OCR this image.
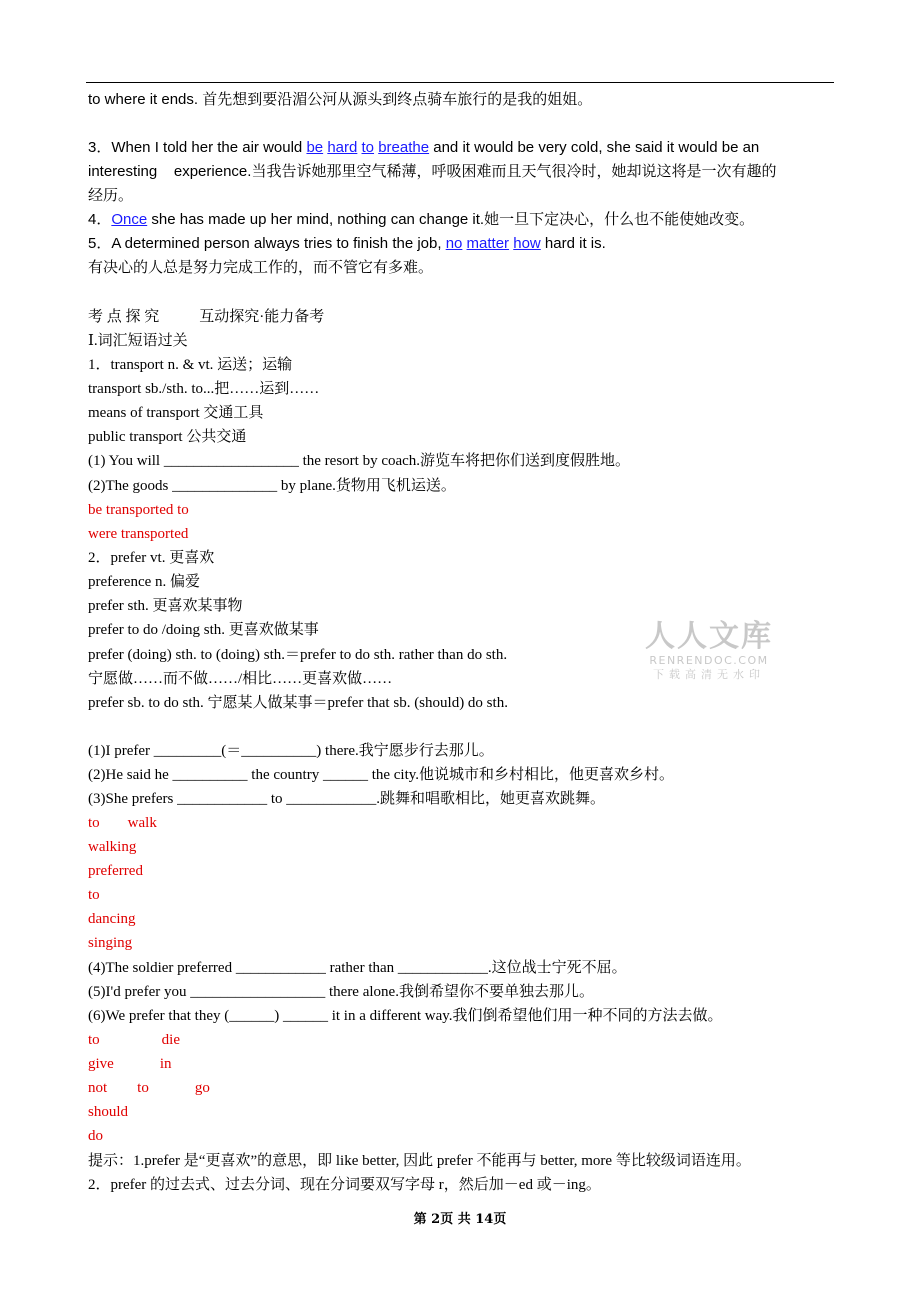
to where it ends. 首先想到要沿湄公河从源头到终点骑车旅行的是我的姐姐。
3．When I told her the air would be hard to breathe and it would be very cold, she said it would be an
interesting    experience.当我告诉她那里空气稀薄，呼吸困难而且天气很冷时，她却说这将是一次有趣的
经历。
4．Once she has made up her mind, nothing can change it.她一旦下定决心，什么也不能使她改变。
5．A determined person always tries to finish the job, no matter how hard it is.
有决心的人总是努力完成工作的，而不管它有多难。
考 点 探 究	互动探究·能力备考
Ⅰ.词汇短语过关
1．transport n. & vt. 运送；运输
transport sb./sth. to...把……运到……
means of transport 交通工具
public transport 公共交通
(1) You will __________________ the resort by coach.游览车将把你们送到度假胜地。
(2)The goods ______________ by plane.货物用飞机运送。
be transported to
were transported
2．prefer vt. 更喜欢
preference n. 偏爱
prefer sth. 更喜欢某事物
prefer to do /doing sth. 更喜欢做某事
prefer (doing) sth. to (doing) sth.＝prefer to do sth. rather than do sth.
宁愿做……而不做……/相比……更喜欢做……
prefer sb. to do sth. 宁愿某人做某事＝prefer that sb. (should) do sth.
(1)I prefer _________(＝__________) there.我宁愿步行去那儿。
(2)He said he __________ the country ______ the city.他说城市和乡村相比，他更喜欢乡村。
(3)She prefers ____________ to ____________.跳舞和唱歌相比，她更喜欢跳舞。
to walk
walking
preferred
to
dancing
singing
(4)The soldier preferred ____________ rather than ____________.这位战士宁死不屈。
(5)I'd prefer you __________________ there alone.我倒希望你不要单独去那儿。
(6)We prefer that they (______) ______ it in a different way.我们倒希望他们用一种不同的方法去做。
to	die
give	in
not to	go
should
do
提示：1.prefer 是“更喜欢”的意思，即 like better, 因此 prefer 不能再与 better, more 等比较级词语连用。
2．prefer 的过去式、过去分词、现在分词要双写字母 r，然后加－ed 或－ing。
人人文库
RENRENDOC.COM
下载高清无水印
第 2页 共 14页
